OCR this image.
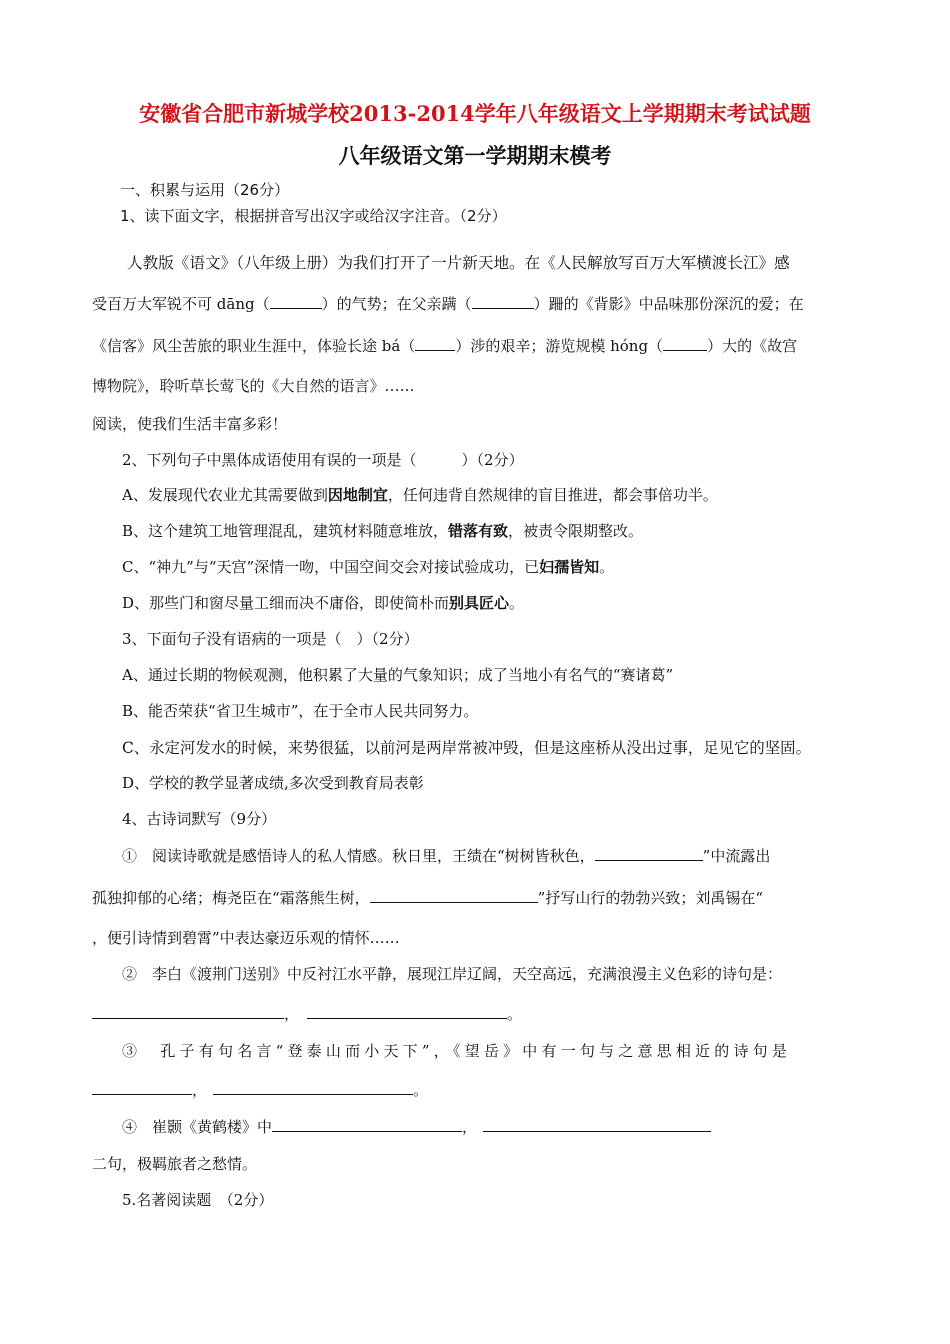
安徽省合肥市新城学校2013-2014学年八年级语文上学期期末考试试题
八年级语文第一学期期末模考
一、积累与运用（26分）
1、读下面文字，根据拼音写出汉字或给汉字注音。（2分）
人教版《语文》（八年级上册）为我们打开了一片新天地。在《人民解放写百万大军横渡长江》感
受百万大军锐不可 dāng（	）的气势；在父亲蹒（	）跚的《背影》中品味那份深沉的爱；在
《信客》风尘苦旅的职业生涯中，体验长途 bá（	）涉的艰辛；游览规模 hóng（	）大的《故宫
博物院》，聆听草长莺飞的《大自然的语言》……
阅读，使我们生活丰富多彩！
2、下列句子中黑体成语使用有误的一项是（　　　）（2分）
A、发展现代农业尤其需要做到因地制宜，任何违背自然规律的盲目推进，都会事倍功半。
B、这个建筑工地管理混乱，建筑材料随意堆放，错落有致，被责令限期整改。
C、“神九”与“天宫”深情一吻，中国空间交会对接试验成功，已妇孺皆知。
D、那些门和窗尽量工细而决不庸俗，即使简朴而别具匠心。
3、下面句子没有语病的一项是（　）（2分）
A、通过长期的物候观测，他积累了大量的气象知识；成了当地小有名气的“赛诸葛”
B、能否荣获“省卫生城市”，在于全市人民共同努力。
C、永定河发水的时候，来势很猛，以前河是两岸常被冲毁，但是这座桥从没出过事，足见它的坚固。
D、学校的教学显著成绩,多次受到教育局表彰
4、古诗词默写（9分）
①　阅读诗歌就是感悟诗人的私人情感。秋日里，王绩在“树树皆秋色，	”中流露出
孤独抑郁的心绪；梅尧臣在“霜落熊生树，	”抒写山行的勃勃兴致；刘禹锡在“
，便引诗情到碧霄”中表达豪迈乐观的情怀……
②　李白《渡荆门送别》中反衬江水平静，展现江岸辽阔，天空高远，充满浪漫主义色彩的诗句是：
，	。
③　孔子有句名言“登泰山而小天下”，《望岳》中有一句与之意思相近的诗句是
，	。
④　崔颢《黄鹤楼》中	，
二句，极羁旅者之愁情。
5.名著阅读题　（2分）
